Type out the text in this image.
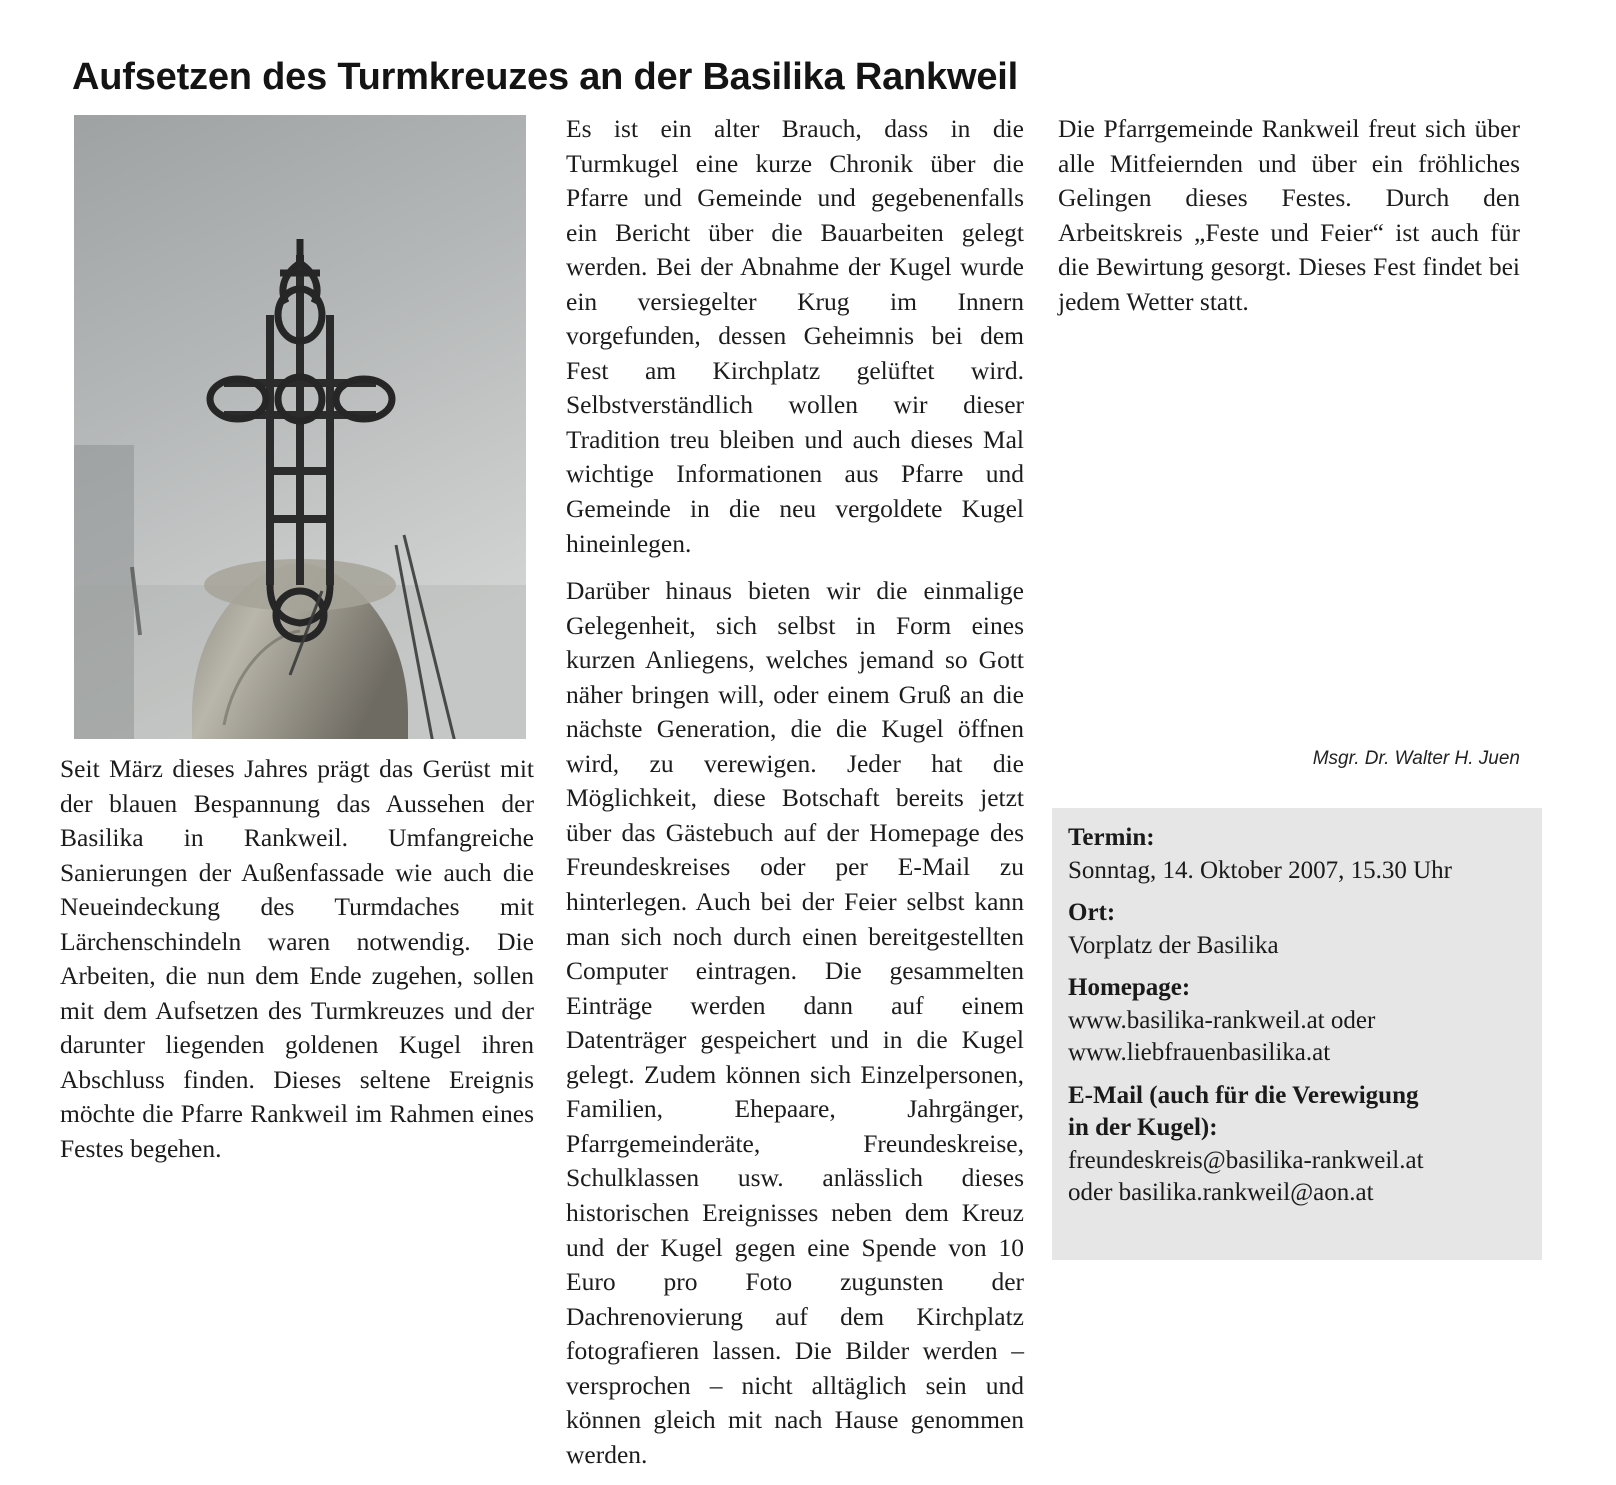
Aufsetzen des Turmkreuzes an der Basilika Rankweil

Seit März dieses Jahres prägt das Gerüst mit der blauen Bespannung das Aussehen der Basilika in Rankweil. Umfangreiche Sanierungen der Außenfassade wie auch die Neueindeckung des Turmdaches mit Lärchenschindeln waren notwendig. Die Arbeiten, die nun dem Ende zugehen, sollen mit dem Aufsetzen des Turmkreuzes und der darunter liegenden goldenen Kugel ihren Abschluss finden. Dieses seltene Ereignis möchte die Pfarre Rankweil im Rahmen eines Festes begehen.

Es ist ein alter Brauch, dass in die Turmkugel eine kurze Chronik über die Pfarre und Gemeinde und gegebenenfalls ein Bericht über die Bauarbeiten gelegt werden. Bei der Abnahme der Kugel wurde ein versiegelter Krug im Innern vorgefunden, dessen Geheimnis bei dem Fest am Kirchplatz gelüftet wird. Selbstverständlich wollen wir dieser Tradition treu bleiben und auch dieses Mal wichtige Informationen aus Pfarre und Gemeinde in die neu vergoldete Kugel hineinlegen.

Darüber hinaus bieten wir die einmalige Gelegenheit, sich selbst in Form eines kurzen Anliegens, welches jemand so Gott näher bringen will, oder einem Gruß an die nächste Generation, die die Kugel öffnen wird, zu verewigen. Jeder hat die Möglichkeit, diese Botschaft bereits jetzt über das Gästebuch auf der Homepage des Freundeskreises oder per E-Mail zu hinterlegen. Auch bei der Feier selbst kann man sich noch durch einen bereitgestellten Computer eintragen. Die gesammelten Einträge werden dann auf einem Datenträger gespeichert und in die Kugel gelegt. Zudem können sich Einzelpersonen, Familien, Ehepaare, Jahrgänger, Pfarrgemeinderäte, Freundeskreise, Schulklassen usw. anlässlich dieses historischen Ereignisses neben dem Kreuz und der Kugel gegen eine Spende von 10 Euro pro Foto zugunsten der Dachrenovierung auf dem Kirchplatz fotografieren lassen. Die Bilder werden – versprochen – nicht alltäglich sein und können gleich mit nach Hause genommen werden.

Die Pfarrgemeinde Rankweil freut sich über alle Mitfeiernden und über ein fröhliches Gelingen dieses Festes. Durch den Arbeitskreis „Feste und Feier“ ist auch für die Bewirtung gesorgt. Dieses Fest findet bei jedem Wetter statt.

Msgr. Dr. Walter H. Juen
Termin:
Sonntag, 14. Oktober 2007, 15.30 Uhr
Ort:
Vorplatz der Basilika
Homepage:
www.basilika-rankweil.at oder
www.liebfrauenbasilika.at
E-Mail (auch für die Verewigung
in der Kugel):
freundeskreis@basilika-rankweil.at
oder basilika.rankweil@aon.at
